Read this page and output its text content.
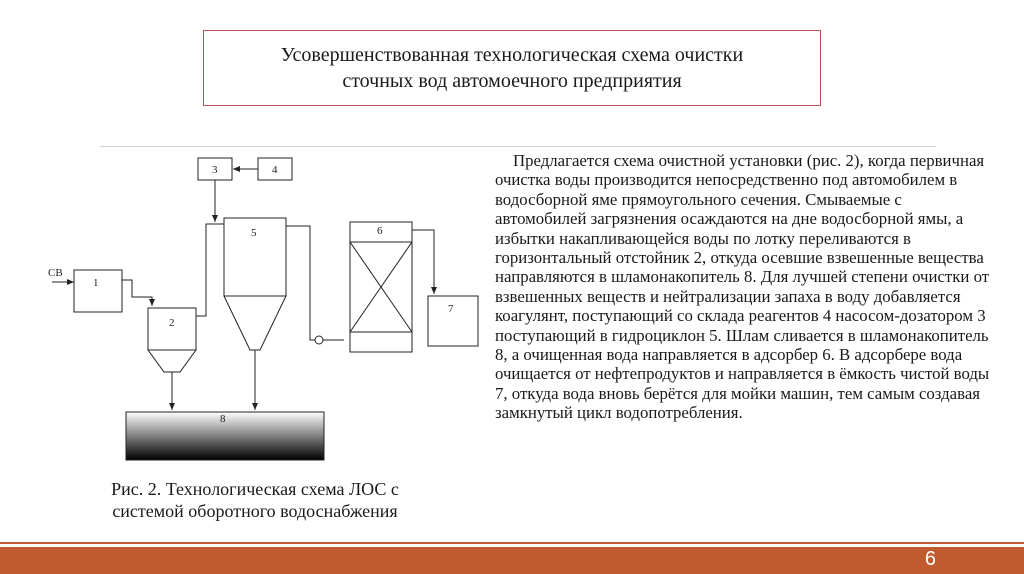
Усовершенствованная технологическая схема очистки
сточных вод автомоечного предприятия
СВ
1
2
3	4
5	6
7
8
Рис. 2. Технологическая схема ЛОС с
системой оборотного водоснабжения

Предлагается схема очистной установки (рис. 2), когда первичная очистка воды производится непосредственно под автомобилем в водосборной яме прямоугольного сечения. Смываемые с автомобилей загрязнения осаждаются на дне водосборной ямы, а избытки накапливающейся воды по лотку переливаются в горизонтальный отстойник 2, откуда осевшие взвешенные вещества направляются в шламонакопитель 8. Для лучшей степени очистки от взвешенных веществ и нейтрализации запаха в воду добавляется коагулянт, поступающий со склада реагентов 4 насосом-дозатором 3 поступающий в гидроциклон 5. Шлам сливается в шламонакопитель 8, а очищенная вода направляется в адсорбер 6. В адсорбере вода очищается от нефтепродуктов и направляется в ёмкость чистой воды 7, откуда вода вновь берётся для мойки машин, тем самым создавая замкнутый цикл водопотребления.

6
